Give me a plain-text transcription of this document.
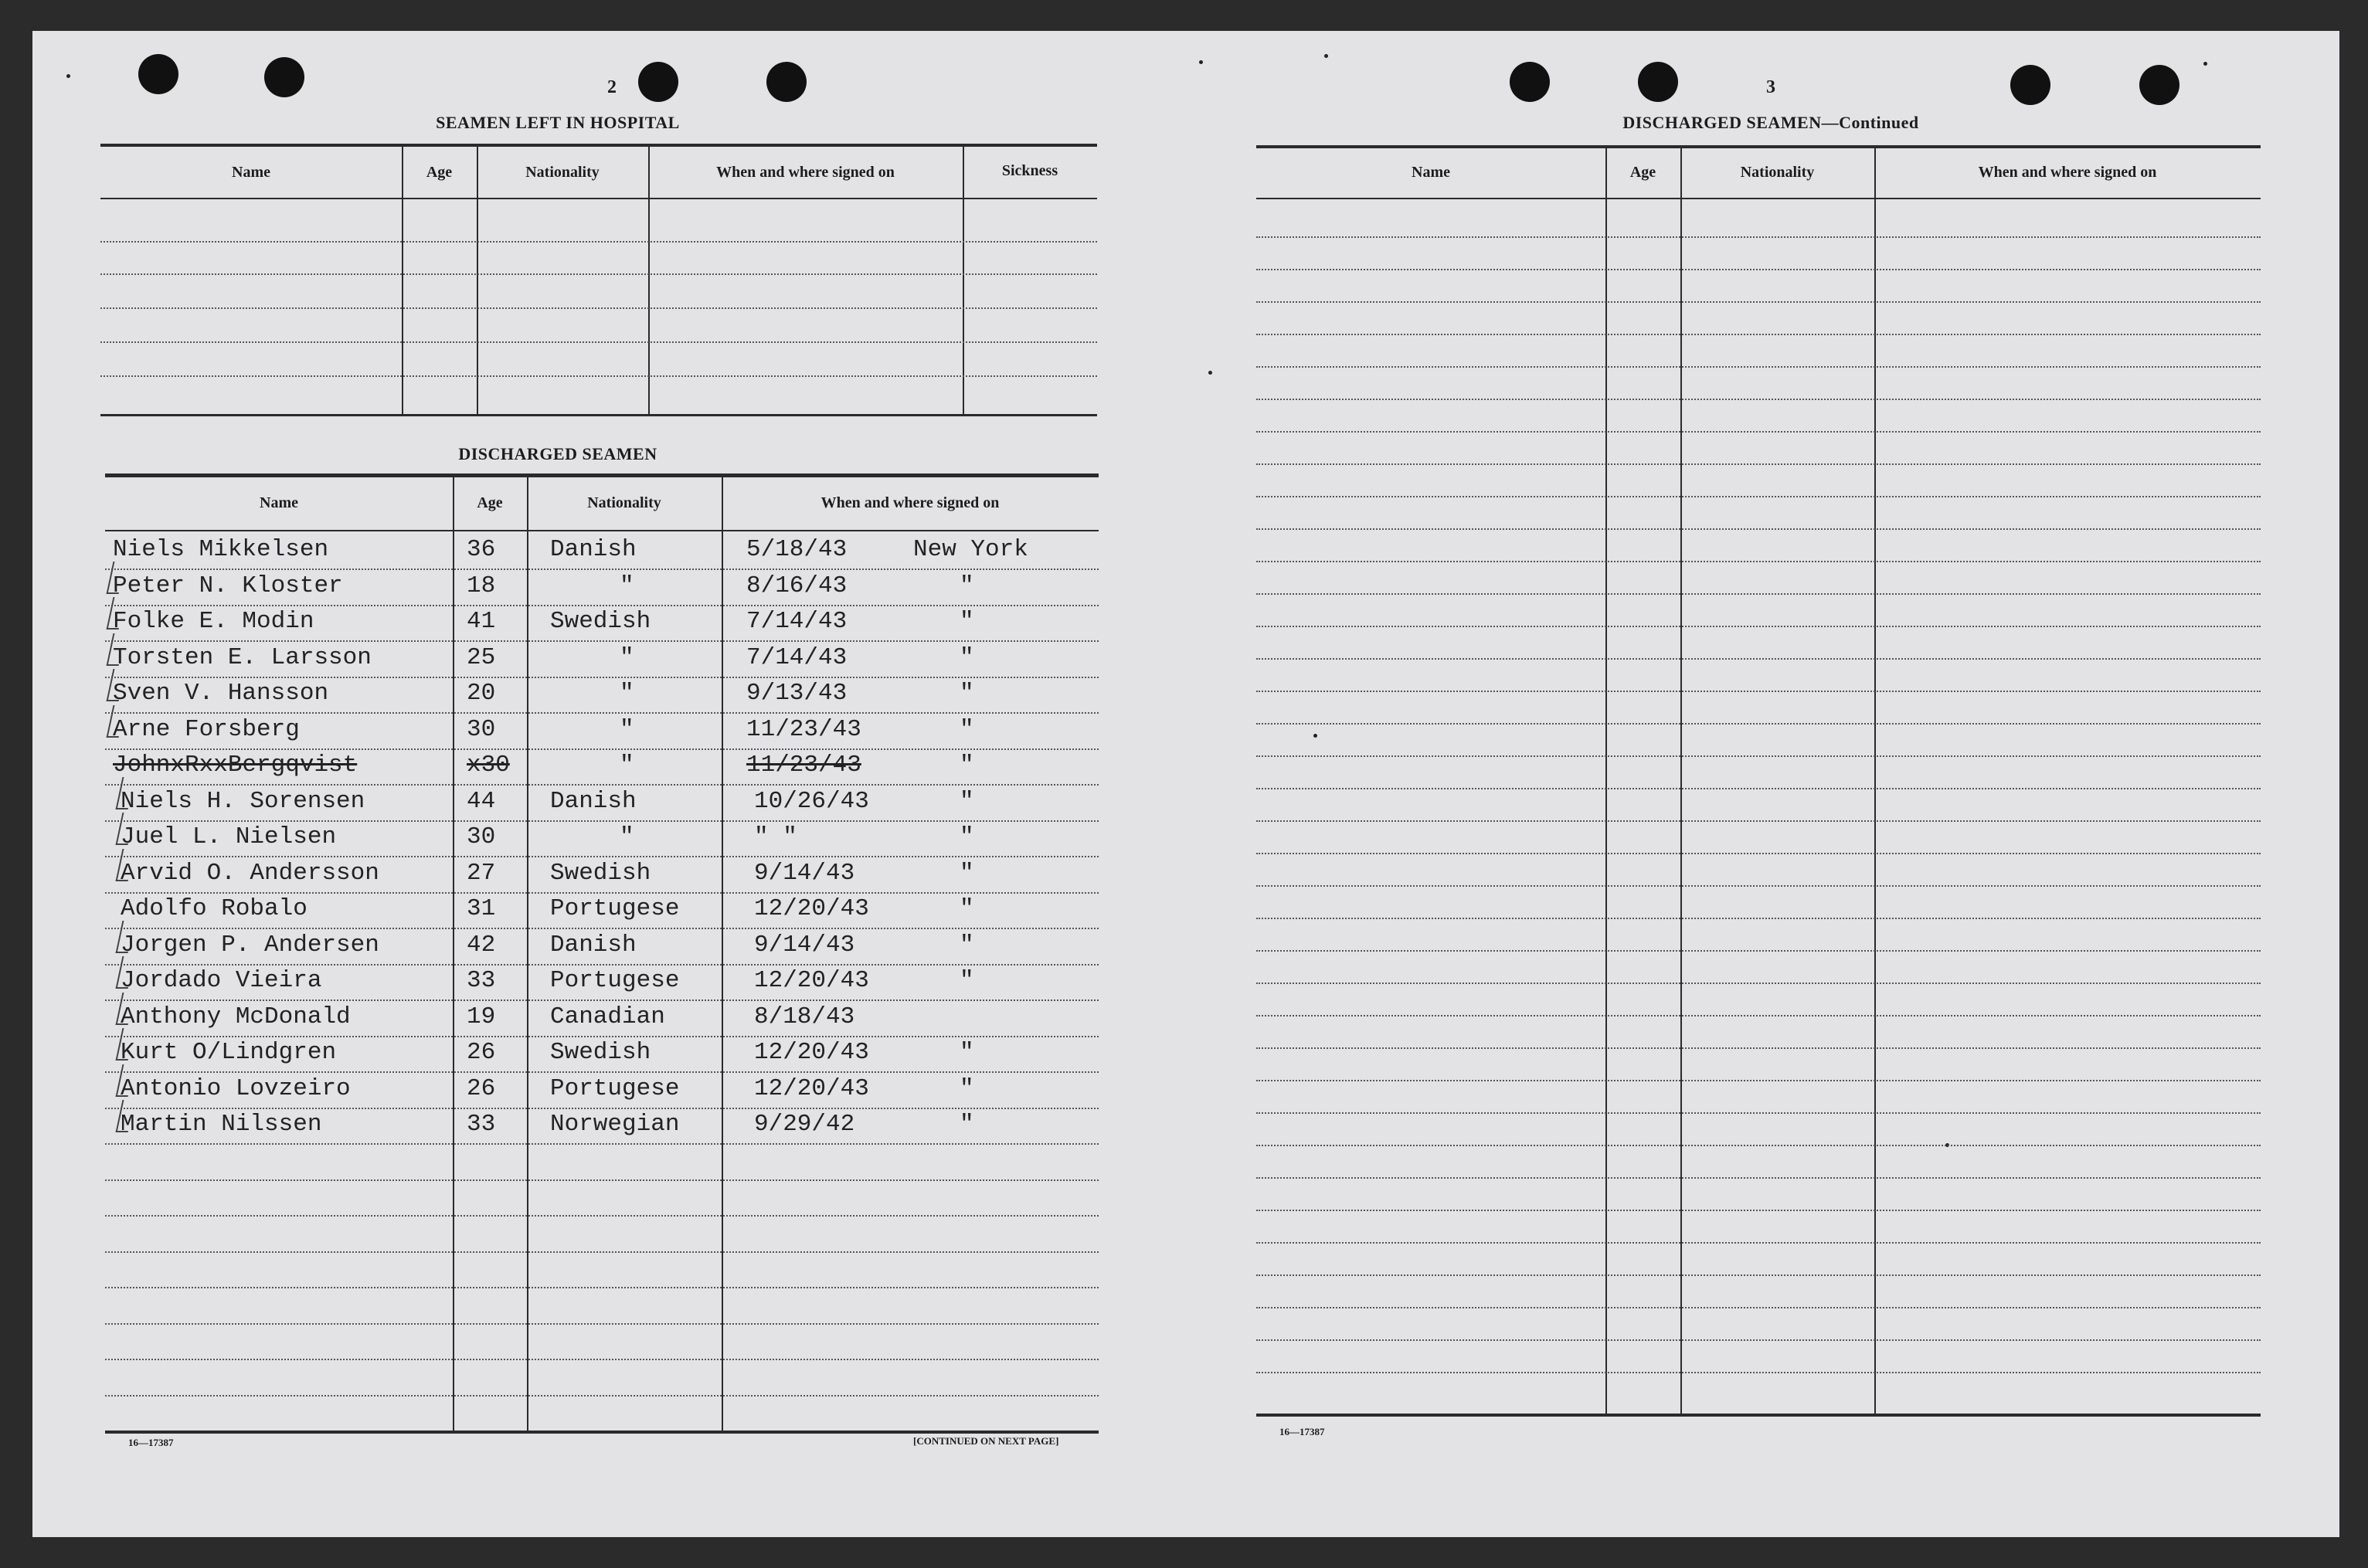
2
SEAMEN LEFT IN HOSPITAL
Name	Age	Nationality	When and where signed on	Sickness
DISCHARGED SEAMEN
Name	Age	Nationality	When and where signed on
Niels Mikkelsen	36 Danish	5/18/43	New York
Peter N. Kloster	18	"	8/16/43	"
Folke E. Modin	41 Swedish	7/14/43	"
Torsten E. Larsson	25	"	7/14/43	"
Sven V. Hansson	20	"	9/13/43	"
Arne Forsberg	30	"	11/23/43	"
JohnxRxxBergqvist	x30	"	11/23/43	"
Niels H. Sorensen	44 Danish	10/26/43	"
Juel L. Nielsen	30	"	" "	"
Arvid O. Andersson	27 Swedish	9/14/43	"
Adolfo Robalo	31 Portugese	12/20/43	"
Jorgen P. Andersen	42 Danish	9/14/43	"
Jordado Vieira	33 Portugese	12/20/43	"
Anthony McDonald	19 Canadian	8/18/43
Kurt O/Lindgren	26 Swedish	12/20/43	"
Antonio Lovzeiro	26 Portugese	12/20/43	"
Martin Nilssen	33 Norwegian	9/29/42	"
16—17387	[CONTINUED ON NEXT PAGE]
3
DISCHARGED SEAMEN—Continued
Name	Age	Nationality	When and where signed on
16—17387
